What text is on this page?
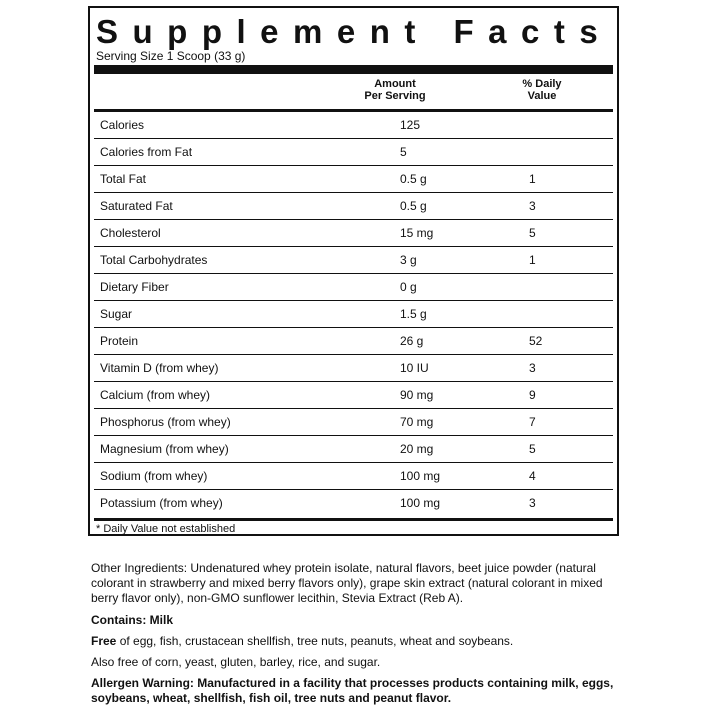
Supplement Facts
Serving Size 1 Scoop (33 g)
Amount
Per Serving
% Daily
Value
Calories	125
Calories from Fat	5
Total Fat	0.5 g	1
Saturated Fat	0.5 g	3
Cholesterol	15 mg	5
Total Carbohydrates	3 g	1
Dietary Fiber	0 g
Sugar	1.5 g
Protein	26 g	52
Vitamin D (from whey)	10 IU	3
Calcium (from whey)	90 mg	9
Phosphorus (from whey)	70 mg	7
Magnesium (from whey)	20 mg	5
Sodium (from whey)	100 mg	4
Potassium (from whey)	100 mg	3
* Daily Value not established

Other Ingredients: Undenatured whey protein isolate, natural flavors, beet juice powder (natural colorant in strawberry and mixed berry flavors only), grape skin extract (natural colorant in mixed berry flavor only), non-GMO sunflower lecithin, Stevia Extract (Reb A).

Contains: Milk

Free of egg, fish, crustacean shellfish, tree nuts, peanuts, wheat and soybeans.

Also free of corn, yeast, gluten, barley, rice, and sugar.

Allergen Warning: Manufactured in a facility that processes products containing milk, eggs, soybeans, wheat, shellfish, fish oil, tree nuts and peanut flavor.
